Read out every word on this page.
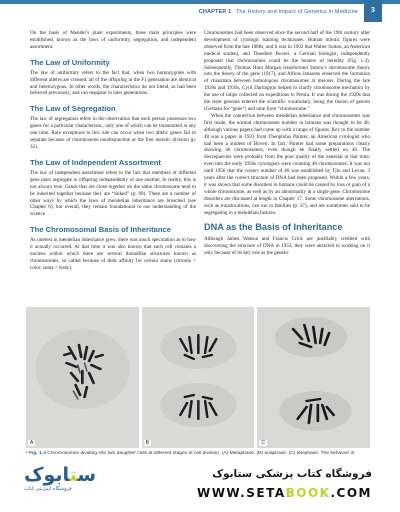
CHAPTER 1 The History and Impact of Genetics in Medicine	3

On the basis of Mendel’s plant experiments, three main principles were established, known as the laws of uniformity, segregation, and independent assortment.

The Law of Uniformity

The law of uniformity refers to the fact that, when two homozygotes with different alleles are crossed, all of the offspring in the F1 generation are identical and heterozygous. In other words, the characteristics do not blend, as had been believed previously, and can reappear in later generations.

The Law of Segregation

The law of segregation refers to the observation that each person possesses two genes for a particular characteristic, only one of which can be transmitted at any one time. Rare exceptions to this rule can occur when two allelic genes fail to separate because of chromosome nondisjunction at the first meiotic division (p. 32).

The Law of Independent Assortment

The law of independent assortment refers to the fact that members of different gene pairs segregate to offspring independently of one another. In reality, this is not always true. Genes that are close together on the same chromosome tend to be inherited together because they are “linked” (p. 90). There are a number of other ways by which the laws of mendelian inheritance are breached (see Chapter 6), but overall, they remain foundational to our understanding of the science.

The Chromosomal Basis of Inheritance

As interest in mendelian inheritance grew, there was much speculation as to how it actually occurred. At that time it was also known that each cell contains a nucleus within which there are several threadlike structures known as chromosomes, so called because of their affinity for certain stains (chroma = color, soma = body).

Chromosomes had been observed since the second half of the 19th century after development of cytologic staining techniques. Human mitotic figures were observed from the late 1880s, and it was in 1902 that Walter Sutton, an American medical student, and Theodore Boveri, a German biologist, independently proposed that chromosomes could be the bearers of heredity (Fig. 1.4). Subsequently, Thomas Hunt Morgan transformed Sutton’s chromosome theory into the theory of the gene (1917), and Alfons Janssens observed the formation of chiasmata between homologous chromosomes at meiosis. During the late 1920s and 1930s, Cyril Darlington helped to clarify chromosome mechanics by the use of tulips collected on expeditions to Persia. It was during the 1920s that the term genome entered the scientific vocabulary, being the fusion of genom (German for “gene”) and ome from “chromosome.”

When the connection between mendelian inheritance and chromosomes was first made, the normal chromosome number in humans was thought to be 48, although various papers had come up with a range of figures. Key to the number 48 was a paper in 1921 from Theophilus Painter, an American cytologist who had been a student of Boveri. In fact, Painter had some preparations clearly showing 46 chromosomes, even though he finally settled on 48. The discrepancies were probably from the poor quality of the material at that time; even into the early 1950s cytologists were counting 48 chromosomes. It was not until 1956 that the correct number of 46 was established by Tjio and Levan, 3 years after the correct structure of DNA had been proposed. Within a few years, it was shown that some disorders in humans could be caused by loss or gain of a whole chromosome, as well as by an abnormality in a single gene. Chromosome disorders are discussed at length in Chapter 17. Some chromosome aberrations, such as translocations, can run in families (p. 37), and are sometimes said to be segregating in a mendelian fashion.

DNA as the Basis of Inheritance

Although James Watson and Francis Crick are justifiably credited with discovering the structure of DNA in 1953, they were attracted to working on it only because of its key role as the genetic

A	B	C
• Fig. 1.4 Chromosomes dividing into two daughter cells at different stages of cell division. (A) Metaphase; (B) anaphase; (C) telophase. The behavior of
ستابوک
فروشگاه اینترنتی کتاب
فروشگاه کتاب پزشکی ستابوک
WWW.SETABOOK.COM
